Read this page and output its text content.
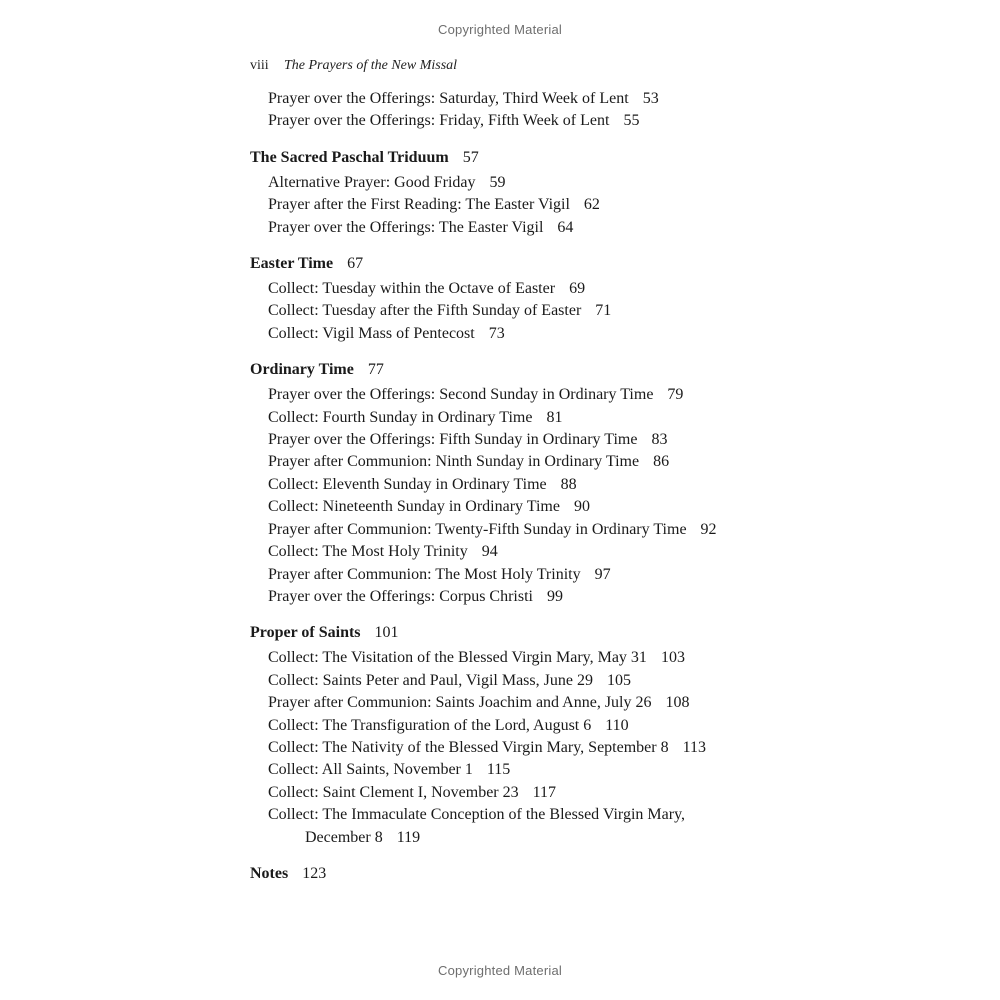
Copyrighted Material
viii The Prayers of the New Missal
Prayer over the Offerings: Saturday, Third Week of Lent 53
Prayer over the Offerings: Friday, Fifth Week of Lent 55
The Sacred Paschal Triduum 57
Alternative Prayer: Good Friday 59
Prayer after the First Reading: The Easter Vigil 62
Prayer over the Offerings: The Easter Vigil 64
Easter Time 67
Collect: Tuesday within the Octave of Easter 69
Collect: Tuesday after the Fifth Sunday of Easter 71
Collect: Vigil Mass of Pentecost 73
Ordinary Time 77
Prayer over the Offerings: Second Sunday in Ordinary Time 79
Collect: Fourth Sunday in Ordinary Time 81
Prayer over the Offerings: Fifth Sunday in Ordinary Time 83
Prayer after Communion: Ninth Sunday in Ordinary Time 86
Collect: Eleventh Sunday in Ordinary Time 88
Collect: Nineteenth Sunday in Ordinary Time 90
Prayer after Communion: Twenty-Fifth Sunday in Ordinary Time 92
Collect: The Most Holy Trinity 94
Prayer after Communion: The Most Holy Trinity 97
Prayer over the Offerings: Corpus Christi 99
Proper of Saints 101
Collect: The Visitation of the Blessed Virgin Mary, May 31 103
Collect: Saints Peter and Paul, Vigil Mass, June 29 105
Prayer after Communion: Saints Joachim and Anne, July 26 108
Collect: The Transfiguration of the Lord, August 6 110
Collect: The Nativity of the Blessed Virgin Mary, September 8 113
Collect: All Saints, November 1 115
Collect: Saint Clement I, November 23 117
Collect: The Immaculate Conception of the Blessed Virgin Mary,
December 8 119
Notes 123
Copyrighted Material
